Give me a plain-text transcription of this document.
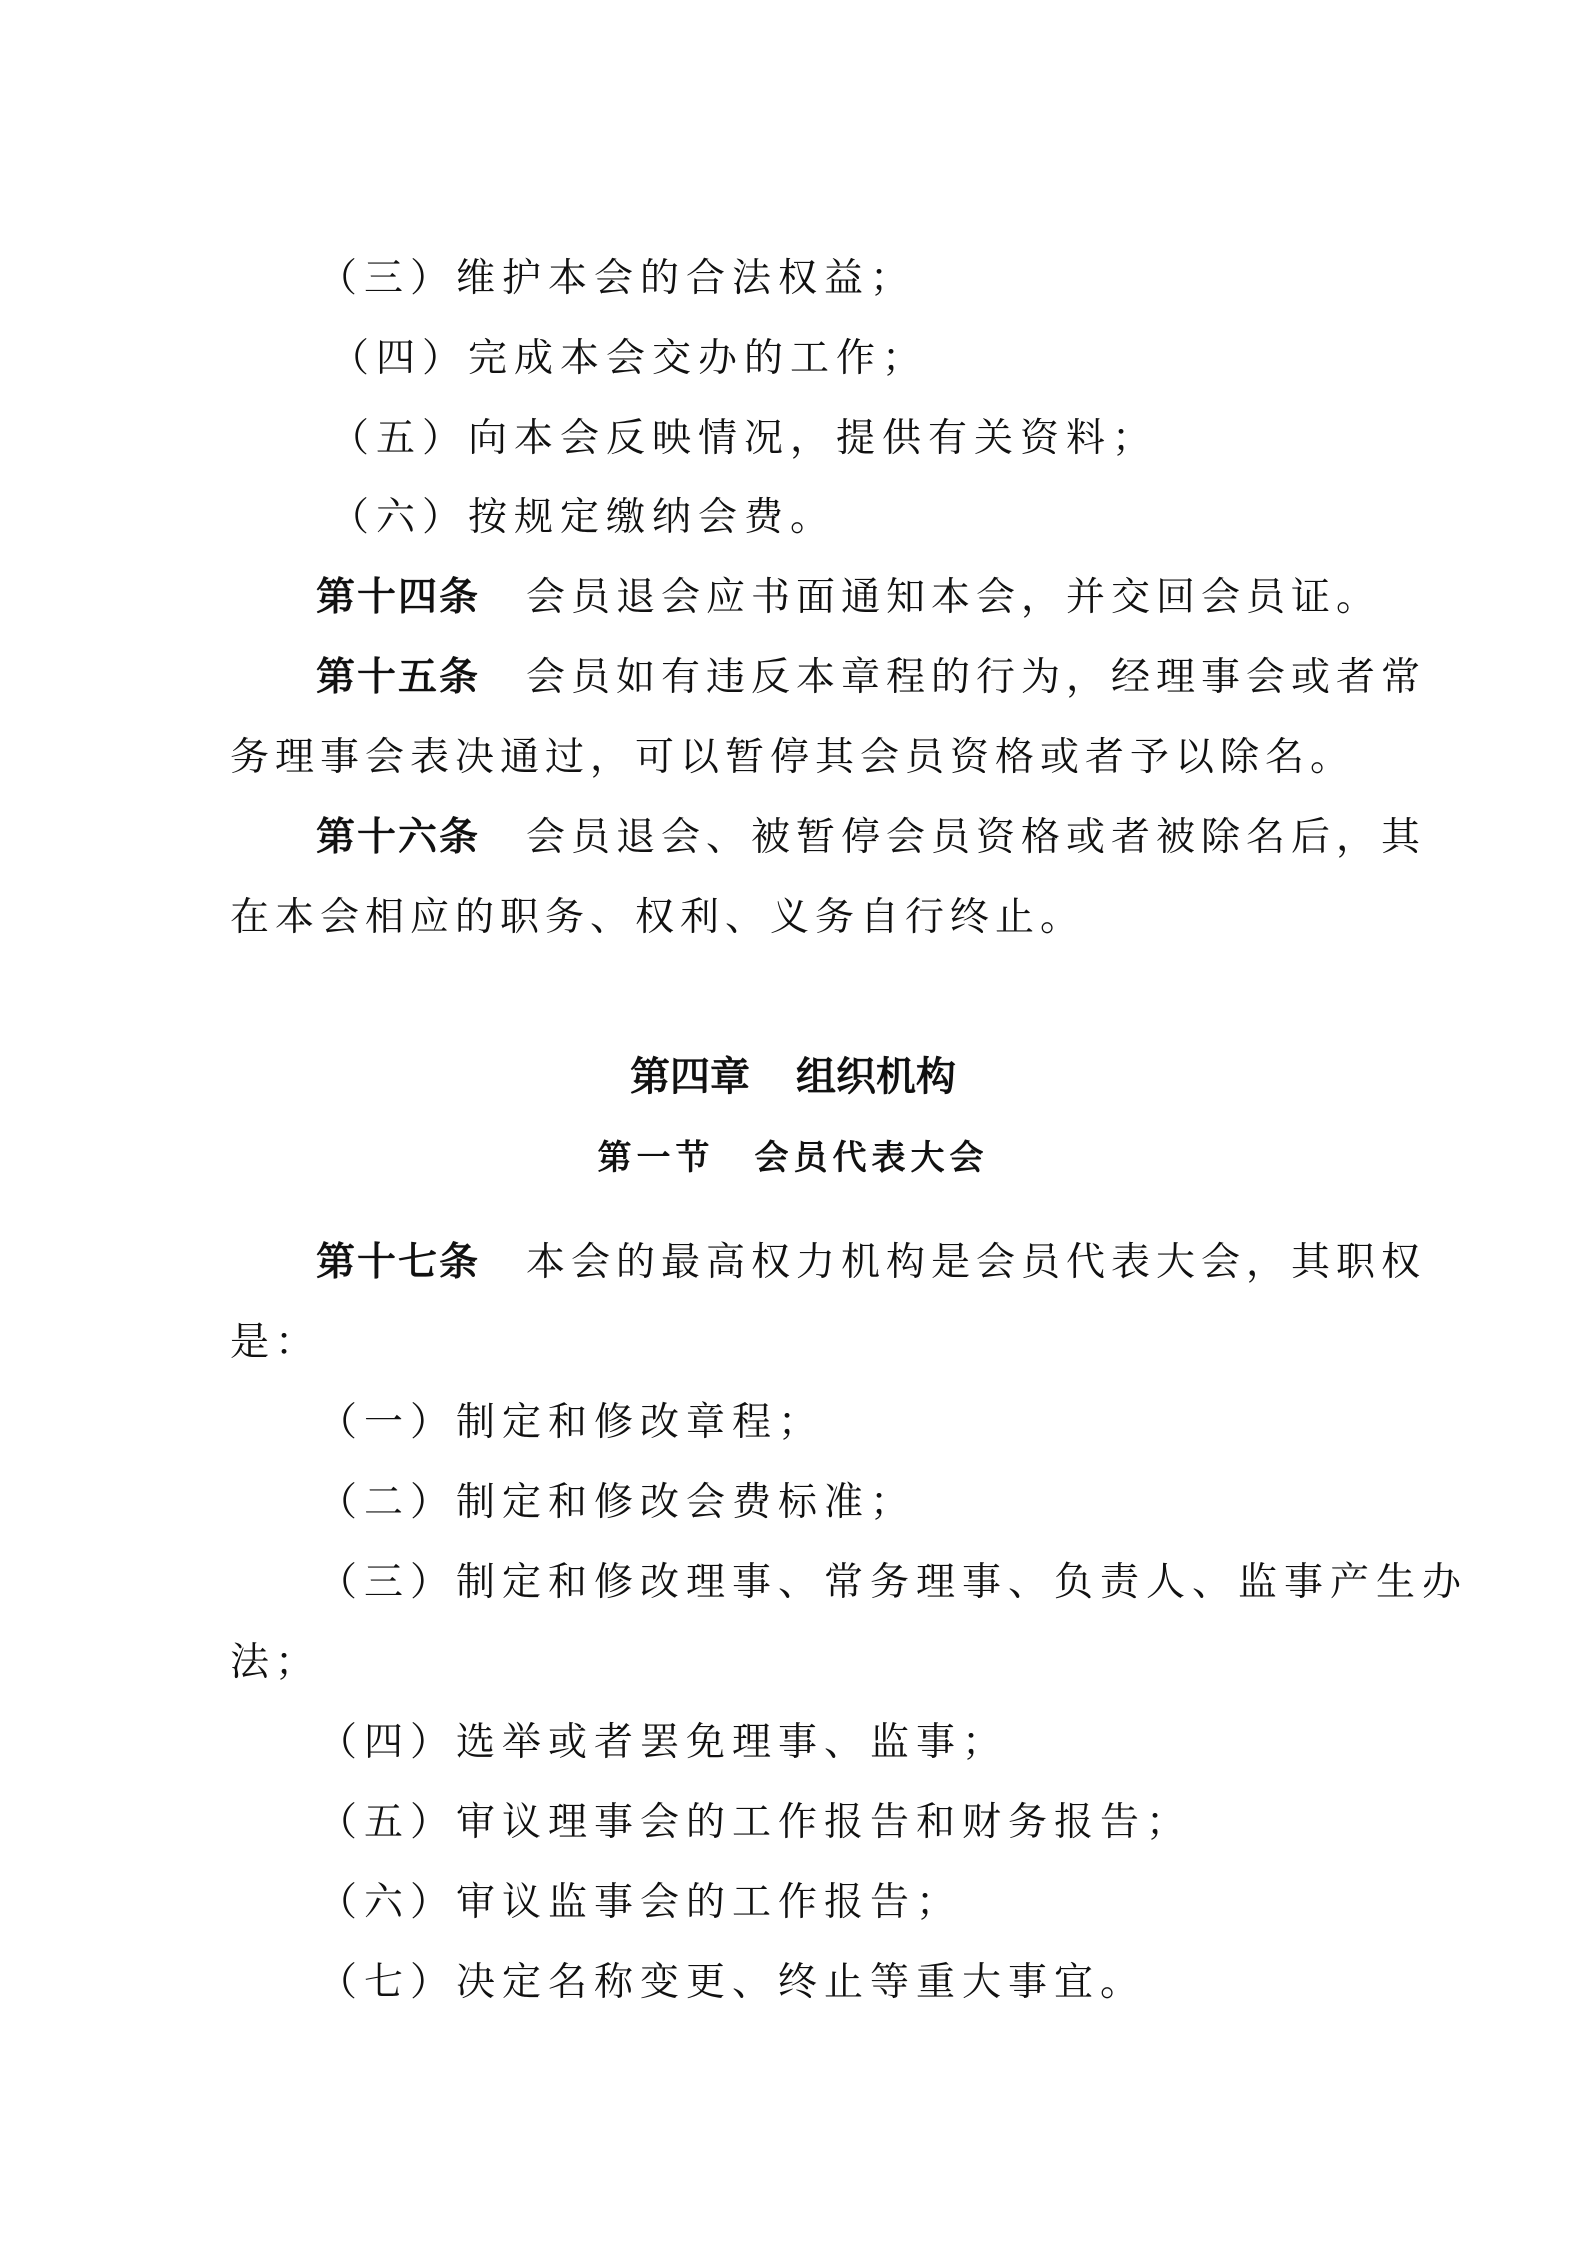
（三）维护本会的合法权益；

（四）完成本会交办的工作；

（五）向本会反映情况，提供有关资料；

（六）按规定缴纳会费。

第十四条 会员退会应书面通知本会，并交回会员证。

第十五条 会员如有违反本章程的行为，经理事会或者常

务理事会表决通过，可以暂停其会员资格或者予以除名。

第十六条 会员退会、被暂停会员资格或者被除名后，其

在本会相应的职务、权利、义务自行终止。

第四章 组织机构

第一节 会员代表大会

第十七条 本会的最高权力机构是会员代表大会，其职权

是：

（一）制定和修改章程；

（二）制定和修改会费标准；

（三）制定和修改理事、常务理事、负责人、监事产生办

法；

（四）选举或者罢免理事、监事；

（五）审议理事会的工作报告和财务报告；

（六）审议监事会的工作报告；

（七）决定名称变更、终止等重大事宜。
